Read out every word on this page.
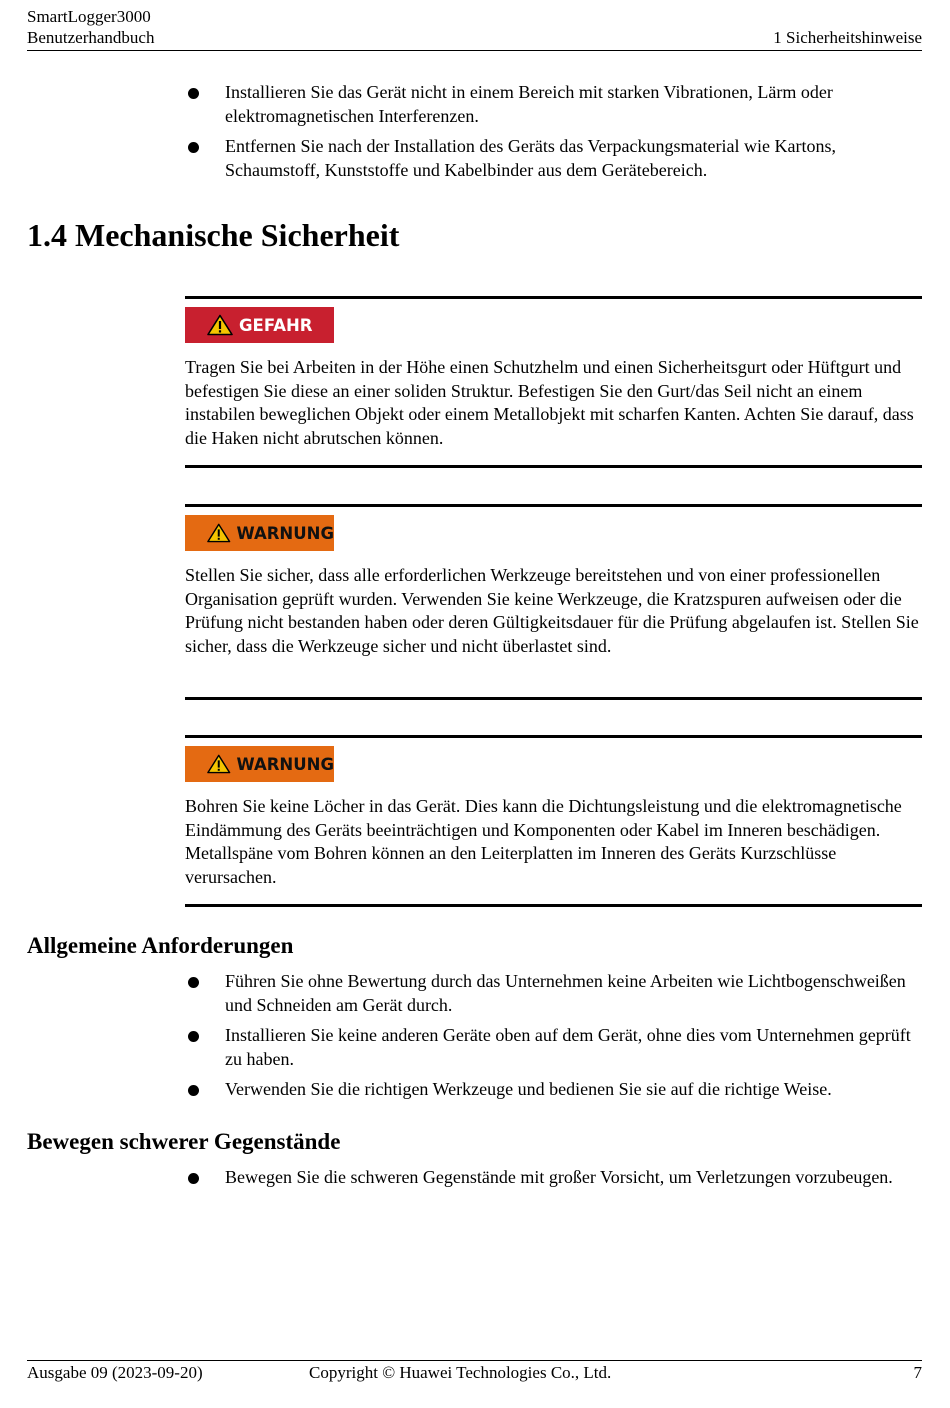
SmartLogger3000
Benutzerhandbuch	1 Sicherheitshinweise
Installieren Sie das Gerät nicht in einem Bereich mit starken Vibrationen, Lärm oder elektromagnetischen Interferenzen.
Entfernen Sie nach der Installation des Geräts das Verpackungsmaterial wie Kartons, Schaumstoff, Kunststoffe und Kabelbinder aus dem Gerätebereich.
1.4 Mechanische Sicherheit
GEFAHR
Tragen Sie bei Arbeiten in der Höhe einen Schutzhelm und einen Sicherheitsgurt oder Hüftgurt und befestigen Sie diese an einer soliden Struktur. Befestigen Sie den Gurt/das Seil nicht an einem instabilen beweglichen Objekt oder einem Metallobjekt mit scharfen Kanten. Achten Sie darauf, dass die Haken nicht abrutschen können.
WARNUNG
Stellen Sie sicher, dass alle erforderlichen Werkzeuge bereitstehen und von einer professionellen Organisation geprüft wurden. Verwenden Sie keine Werkzeuge, die Kratzspuren aufweisen oder die Prüfung nicht bestanden haben oder deren Gültigkeitsdauer für die Prüfung abgelaufen ist. Stellen Sie sicher, dass die Werkzeuge sicher und nicht überlastet sind.
WARNUNG
Bohren Sie keine Löcher in das Gerät. Dies kann die Dichtungsleistung und die elektromagnetische Eindämmung des Geräts beeinträchtigen und Komponenten oder Kabel im Inneren beschädigen. Metallspäne vom Bohren können an den Leiterplatten im Inneren des Geräts Kurzschlüsse verursachen.
Allgemeine Anforderungen
Führen Sie ohne Bewertung durch das Unternehmen keine Arbeiten wie Lichtbogenschweißen und Schneiden am Gerät durch.
Installieren Sie keine anderen Geräte oben auf dem Gerät, ohne dies vom Unternehmen geprüft zu haben.
Verwenden Sie die richtigen Werkzeuge und bedienen Sie sie auf die richtige Weise.
Bewegen schwerer Gegenstände
Bewegen Sie die schweren Gegenstände mit großer Vorsicht, um Verletzungen vorzubeugen.
Ausgabe 09 (2023-09-20)	Copyright © Huawei Technologies Co., Ltd.	7
